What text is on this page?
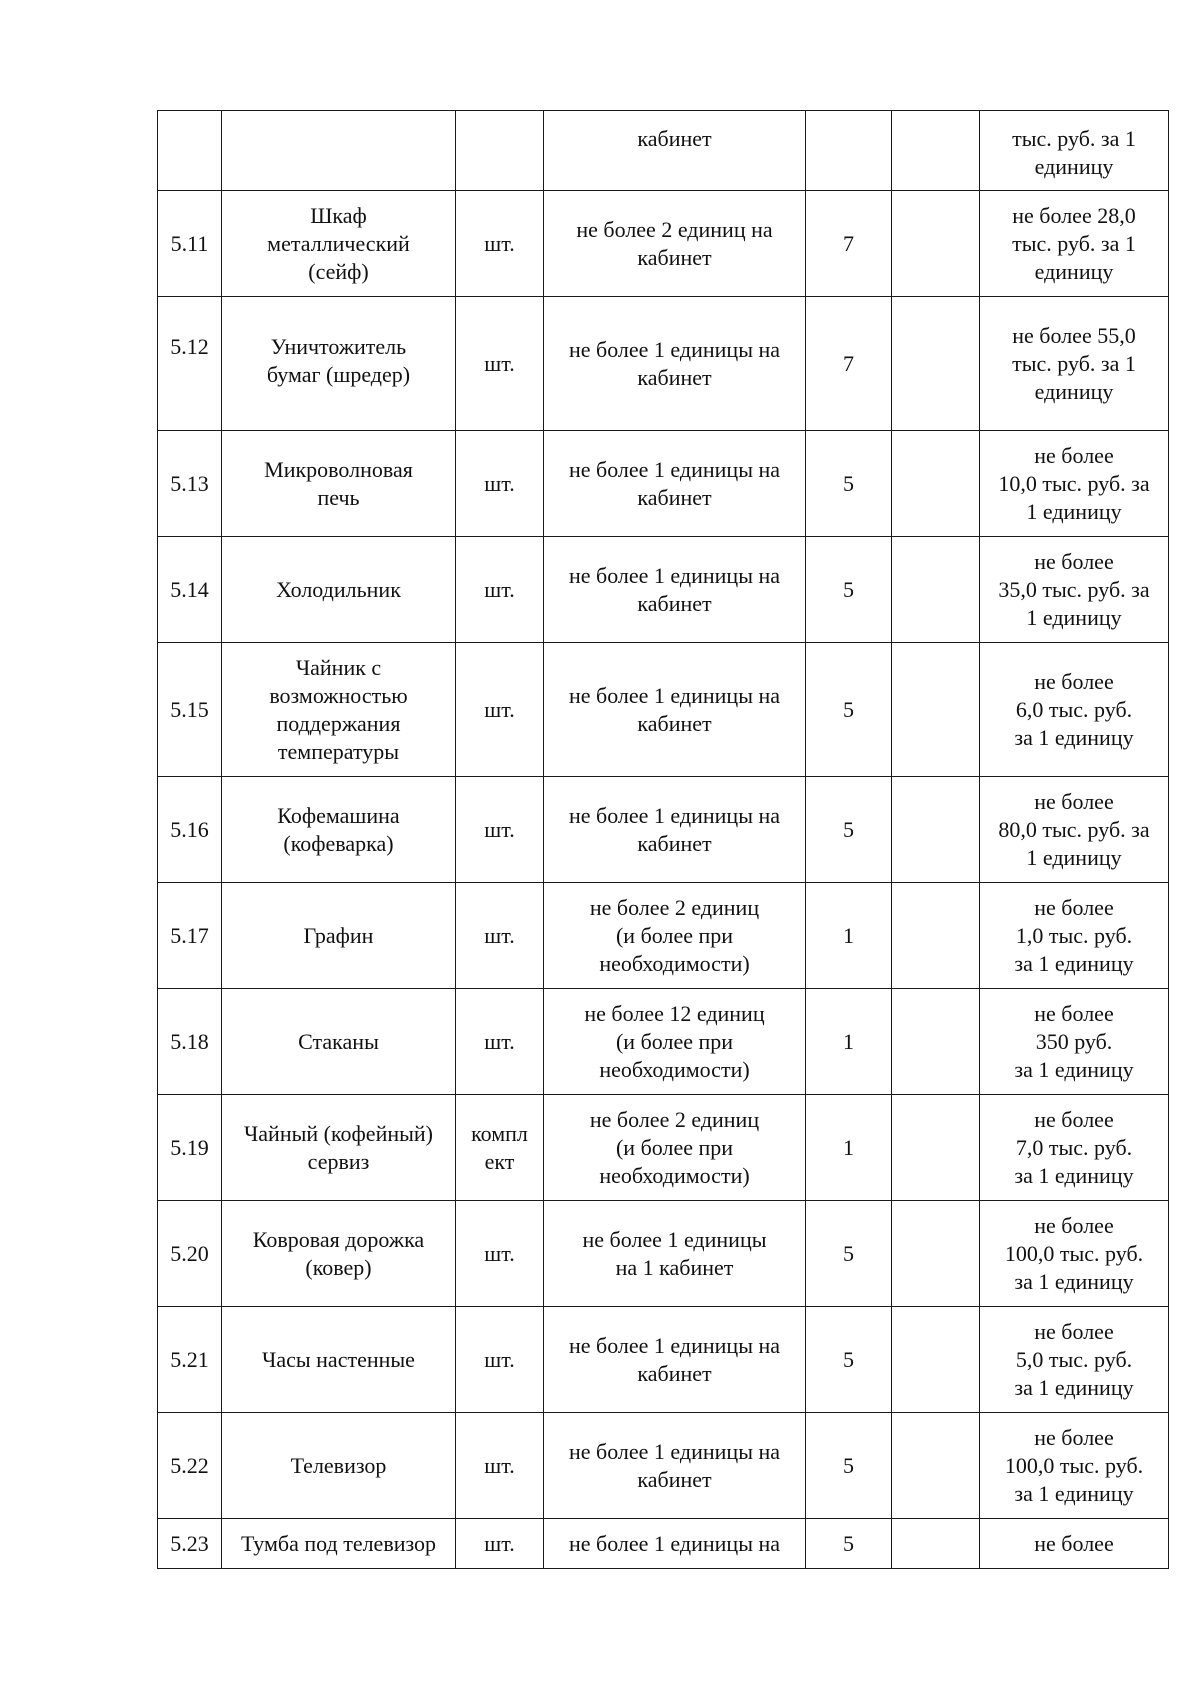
			кабинет			тыс. руб. за 1
единицу
5.11	Шкаф
металлический
(сейф)	шт.	не более 2 единиц на
кабинет	7		не более 28,0
тыс. руб. за 1
единицу
5.12	Уничтожитель
бумаг (шредер)	шт.	не более 1 единицы на
кабинет	7		не более 55,0
тыс. руб. за 1
единицу
5.13	Микроволновая
печь	шт.	не более 1 единицы на
кабинет	5		не более
10,0 тыс. руб. за
1 единицу
5.14	Холодильник	шт.	не более 1 единицы на
кабинет	5		не более
35,0 тыс. руб. за
1 единицу
5.15	Чайник с
возможностью
поддержания
температуры	шт.	не более 1 единицы на
кабинет	5		не более
6,0 тыс. руб.
за 1 единицу
5.16	Кофемашина
(кофеварка)	шт.	не более 1 единицы на
кабинет	5		не более
80,0 тыс. руб. за
1 единицу
5.17	Графин	шт.	не более 2 единиц
(и более при
необходимости)	1		не более
1,0 тыс. руб.
за 1 единицу
5.18	Стаканы	шт.	не более 12 единиц
(и более при
необходимости)	1		не более
350 руб.
за 1 единицу
5.19	Чайный (кофейный)
сервиз	компл
ект	не более 2 единиц
(и более при
необходимости)	1		не более
7,0 тыс. руб.
за 1 единицу
5.20	Ковровая дорожка
(ковер)	шт.	не более 1 единицы
на 1 кабинет	5		не более
100,0 тыс. руб.
за 1 единицу
5.21	Часы настенные	шт.	не более 1 единицы на
кабинет	5		не более
5,0 тыс. руб.
за 1 единицу
5.22	Телевизор	шт.	не более 1 единицы на
кабинет	5		не более
100,0 тыс. руб.
за 1 единицу
5.23	Тумба под телевизор	шт.	не более 1 единицы на	5		не более
